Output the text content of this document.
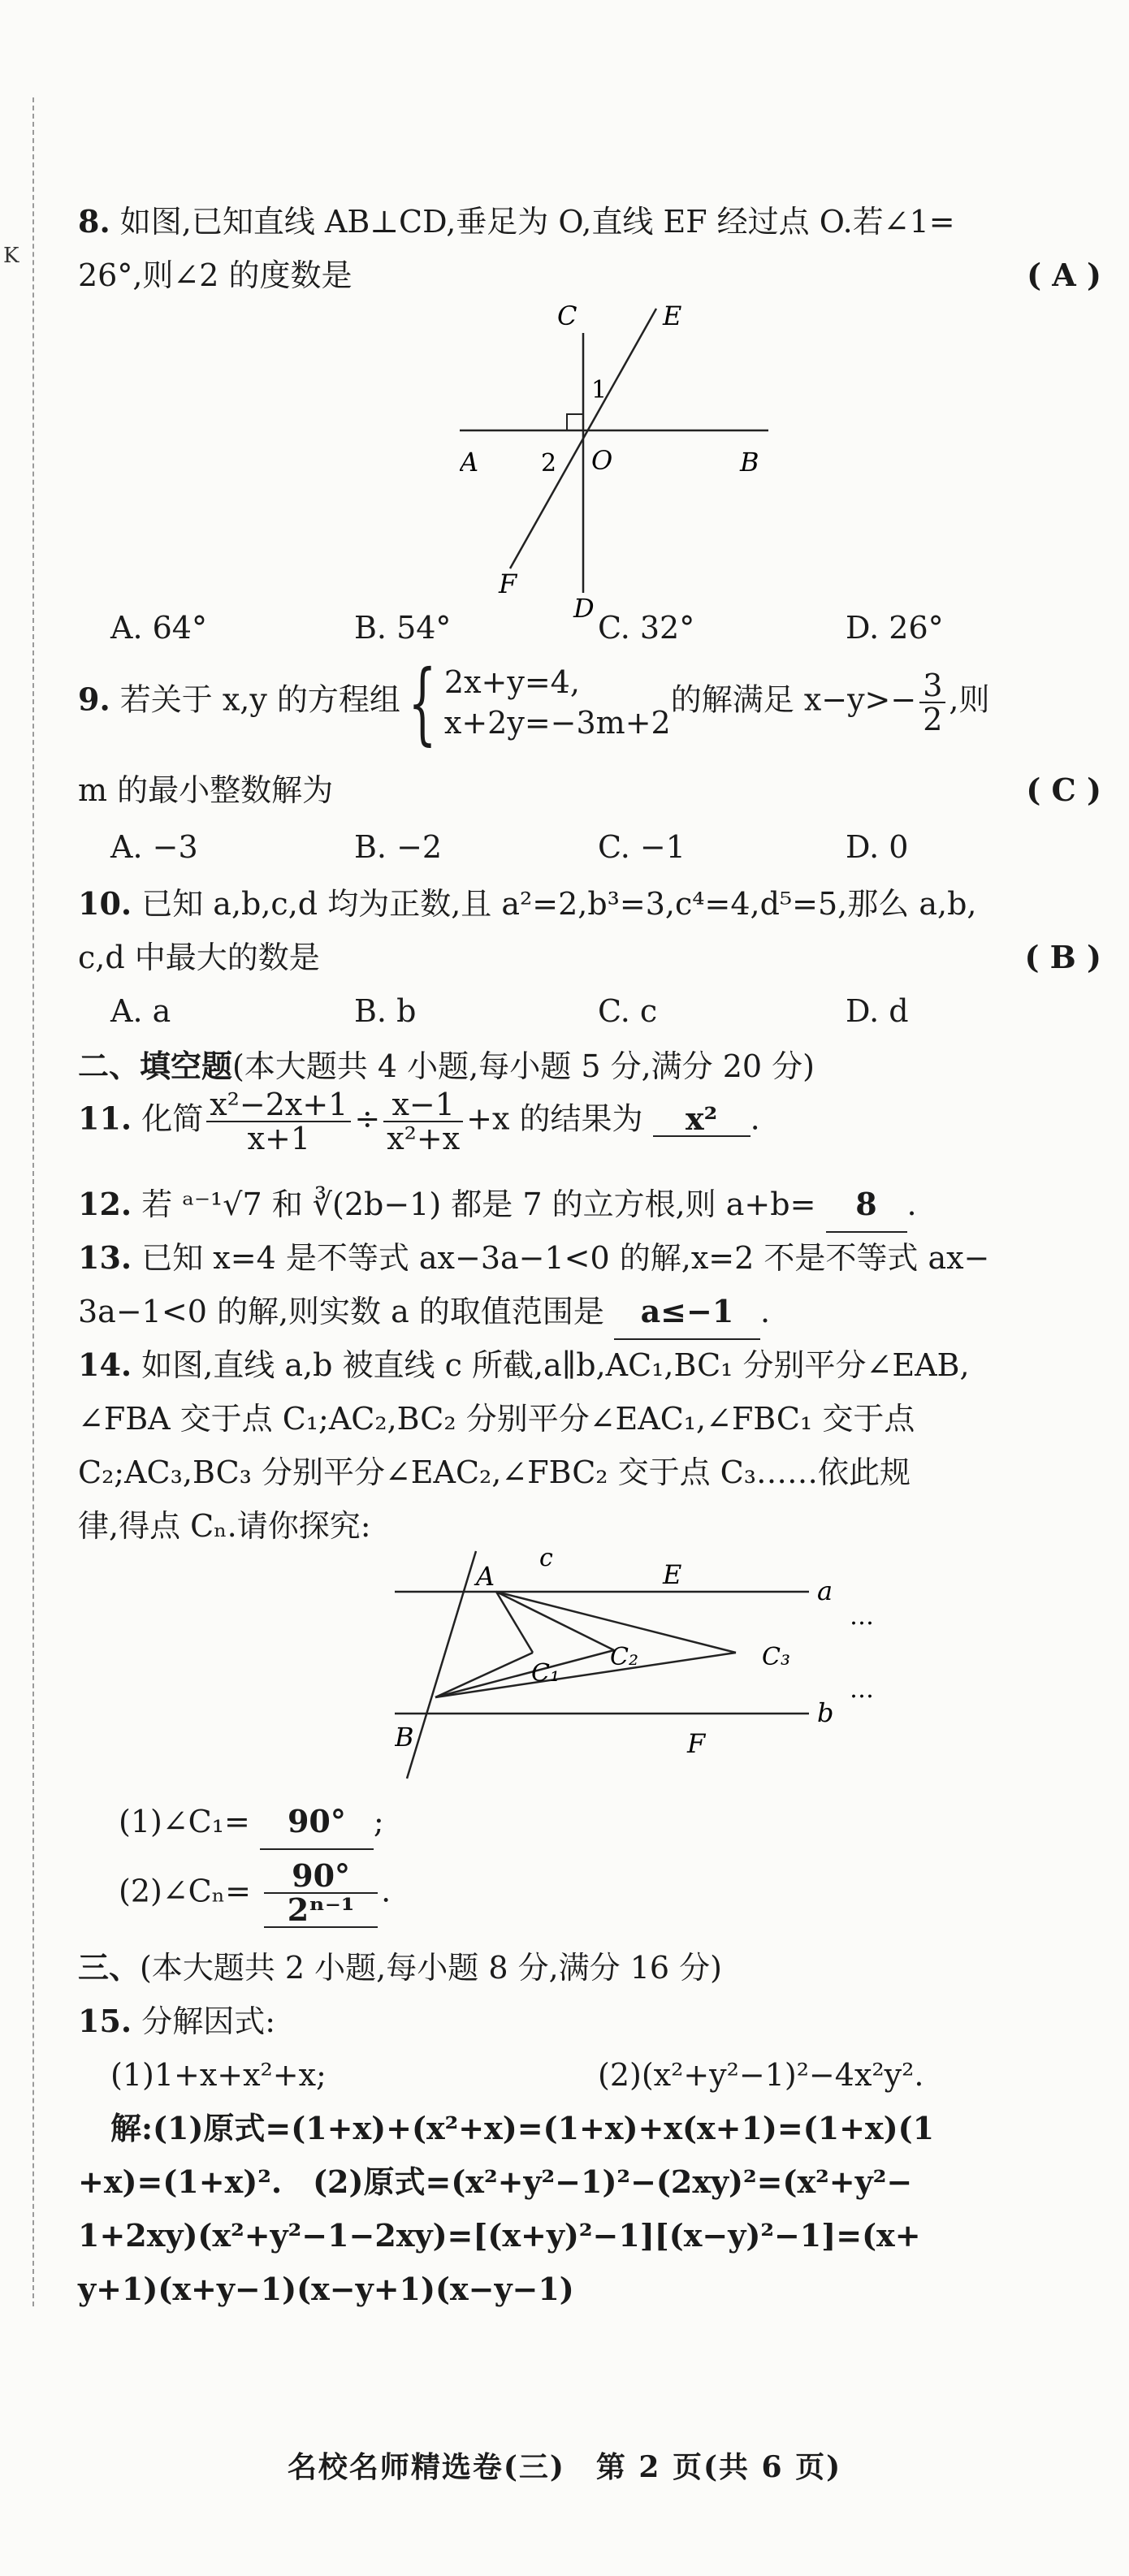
K
8. 如图,已知直线 AB⊥CD,垂足为 O,直线 EF 经过点 O.若∠1=
26°,则∠2 的度数是	( A )
C	E
1
A	2 O	B
F
D
A. 64°	B. 54°	C. 32°	D. 26°
9. 若关于 x,y 的方程组{ 2x+y=4,
x+2y=−3m+2
的解满足 $x-y>- \frac{3}{2}$ ,则
m 的最小整数解为	( C )
A. −3	B. −2	C. −1	D. 0
10. 已知 a,b,c,d 均为正数,且 a²=2,b³=3,c⁴=4,d⁵=5,那么 a,b,
c,d 中最大的数是	( B )
A. a	B. b	C. c	D. d
二、填空题(本大题共 4 小题,每小题 5 分,满分 20 分)
11. 化简 $\frac{\text{x²−2x+1}}{x+1} \div \frac{x-1}{\text{x²+x}} +x$ 的结果为 x² .
12. 若 ᵃ⁻¹√7 和 ∛(2b−1) 都是 7 的立方根,则 a+b= 8 .
13. 已知 x=4 是不等式 ax−3a−1<0 的解,x=2 不是不等式 ax−
3a−1<0 的解,则实数 a 的取值范围是 a≤−1 .
14. 如图,直线 a,b 被直线 c 所截,a∥b,AC₁,BC₁ 分别平分∠EAB,
∠FBA 交于点 C₁;AC₂,BC₂ 分别平分∠EAC₁,∠FBC₁ 交于点
C₂;AC₃,BC₃ 分别平分∠EAC₂,∠FBC₂ 交于点 C₃……依此规
律,得点 Cₙ.请你探究:
c
A	E
a
…
C₁
C₂	C₃
…
B
b
F
(1)∠C₁= 90° ;
(2)∠Cₙ= $\frac{90^\circ}{\text{2ⁿ⁻¹}}$ .
三、(本大题共 2 小题,每小题 8 分,满分 16 分)
15. 分解因式:
(1)1+x+x²+x;	(2)(x²+y²−1)²−4x²y².
解:(1)原式=(1+x)+(x²+x)=(1+x)+x(x+1)=(1+x)(1
+x)=(1+x)².　(2)原式=(x²+y²−1)²−(2xy)²=(x²+y²−
1+2xy)(x²+y²−1−2xy)=[(x+y)²−1][(x−y)²−1]=(x+
y+1)(x+y−1)(x−y+1)(x−y−1)
名校名师精选卷(三)　第 2 页(共 6 页)
